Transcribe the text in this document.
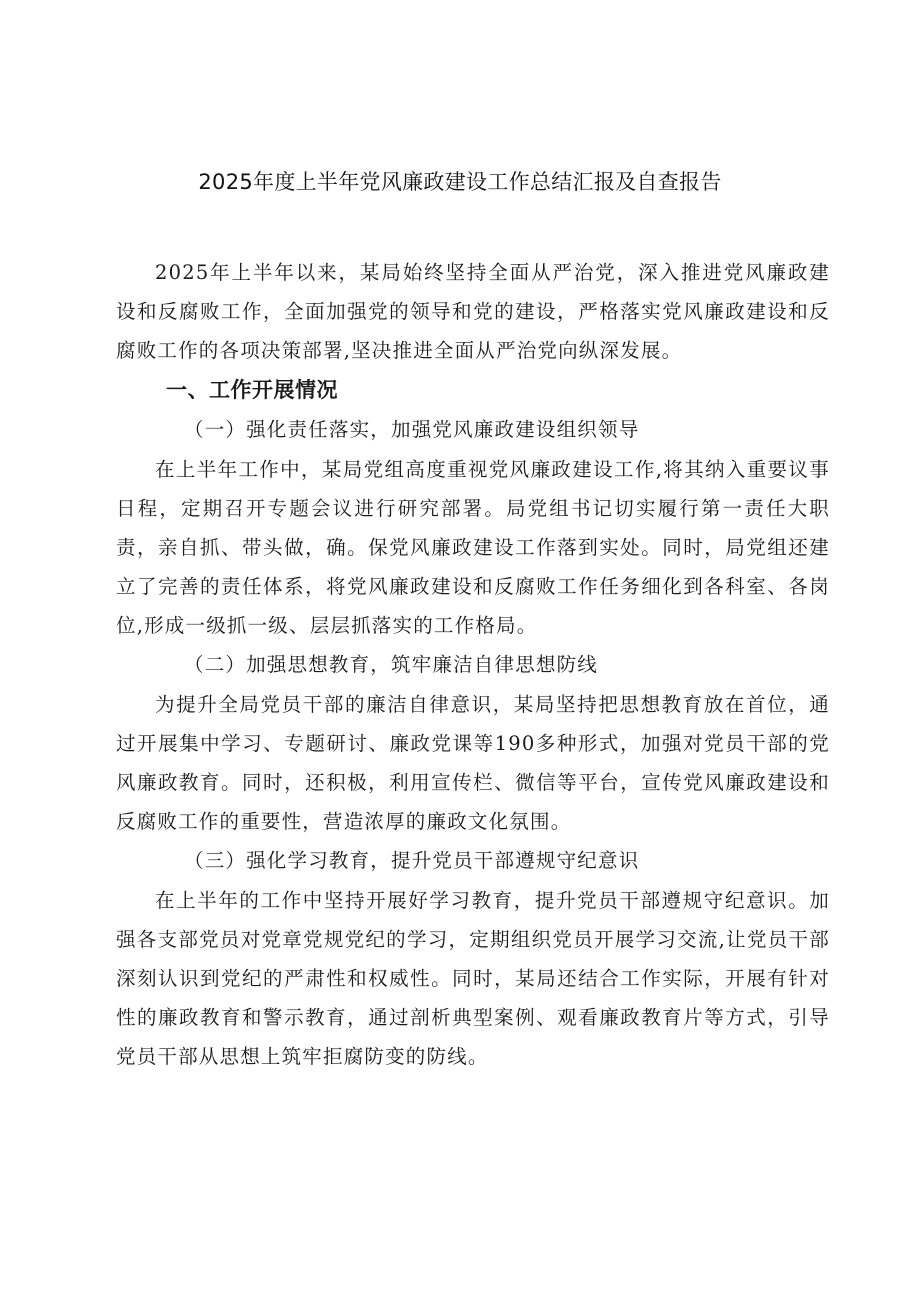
2025年度上半年党风廉政建设工作总结汇报及自查报告

2025年上半年以来，某局始终坚持全面从严治党，深入推进党风廉政建设和反腐败工作，全面加强党的领导和党的建设，严格落实党风廉政建设和反腐败工作的各项决策部署,坚决推进全面从严治党向纵深发展。

一、工作开展情况

（一）强化责任落实，加强党风廉政建设组织领导

在上半年工作中，某局党组高度重视党风廉政建设工作,将其纳入重要议事日程，定期召开专题会议进行研究部署。局党组书记切实履行第一责任大职责，亲自抓、带头做，确。保党风廉政建设工作落到实处。同时，局党组还建立了完善的责任体系，将党风廉政建设和反腐败工作任务细化到各科室、各岗位,形成一级抓一级、层层抓落实的工作格局。

（二）加强思想教育，筑牢廉洁自律思想防线

为提升全局党员干部的廉洁自律意识，某局坚持把思想教育放在首位，通过开展集中学习、专题研讨、廉政党课等190多种形式，加强对党员干部的党风廉政教育。同时，还积极，利用宣传栏、微信等平台，宣传党风廉政建设和反腐败工作的重要性，营造浓厚的廉政文化氛围。

（三）强化学习教育，提升党员干部遵规守纪意识

在上半年的工作中坚持开展好学习教育，提升党员干部遵规守纪意识。加强各支部党员对党章党规党纪的学习，定期组织党员开展学习交流,让党员干部深刻认识到党纪的严肃性和权威性。同时，某局还结合工作实际，开展有针对性的廉政教育和警示教育，通过剖析典型案例、观看廉政教育片等方式，引导党员干部从思想上筑牢拒腐防变的防线。
